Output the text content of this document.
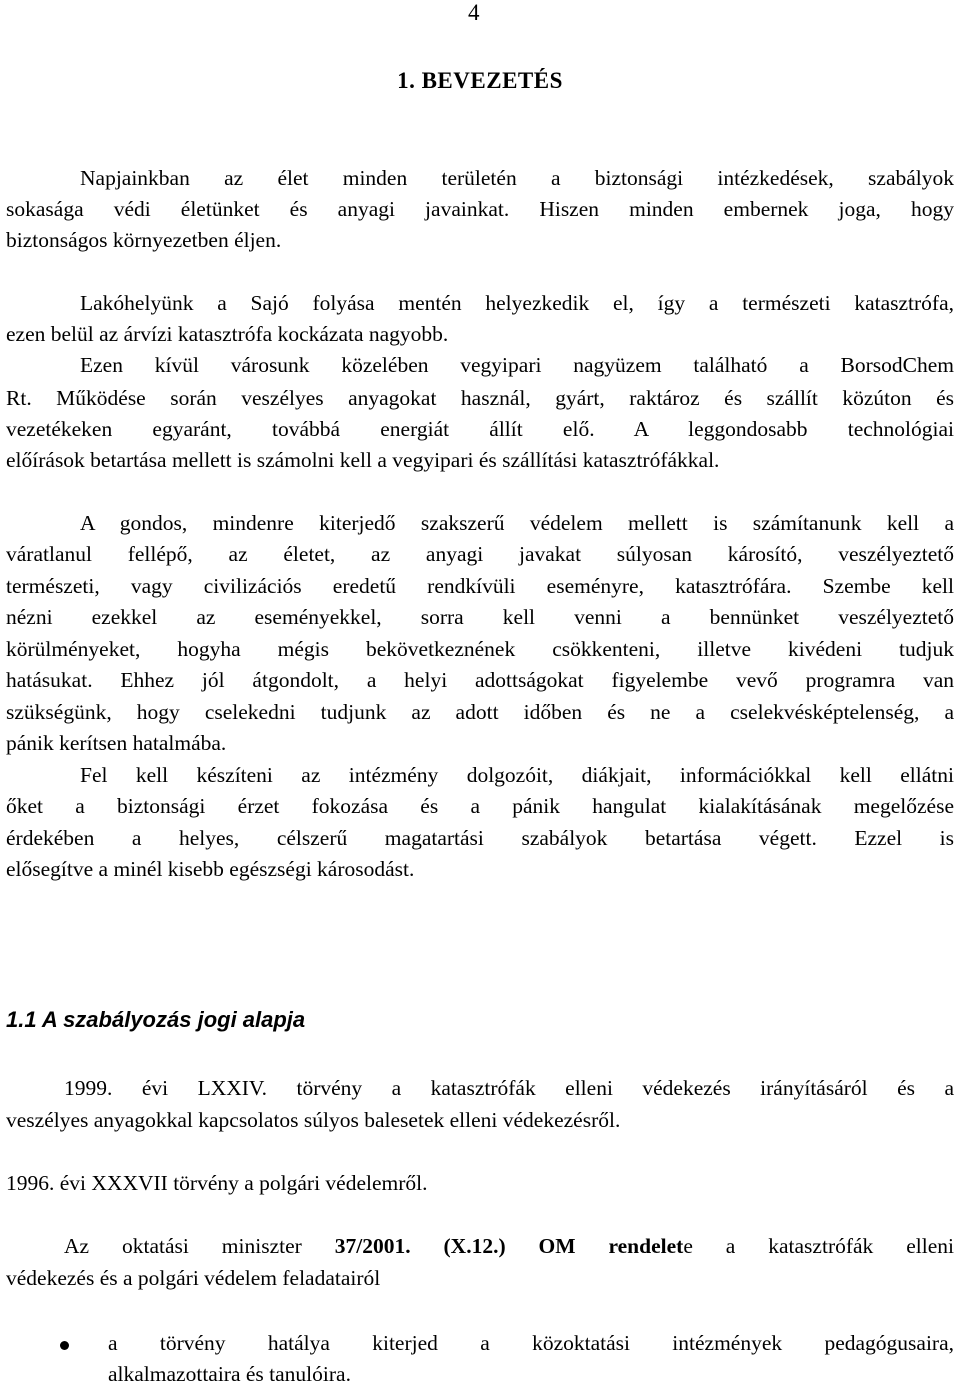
4
1. BEVEZETÉS
Napjainkban az élet minden területén a biztonsági intézkedések, szabályok
sokasága védi életünket és anyagi javainkat. Hiszen minden embernek joga, hogy
biztonságos környezetben éljen.
Lakóhelyünk a Sajó folyása mentén helyezkedik el, így a természeti katasztrófa,
ezen belül az árvízi katasztrófa kockázata nagyobb.
Ezen kívül városunk közelében vegyipari nagyüzem található a BorsodChem
Rt. Működése során veszélyes anyagokat használ, gyárt, raktároz és szállít közúton és
vezetékeken egyaránt, továbbá energiát állít elő. A leggondosabb technológiai
előírások betartása mellett is számolni kell a vegyipari és szállítási katasztrófákkal.
A gondos, mindenre kiterjedő szakszerű védelem mellett is számítanunk kell a
váratlanul fellépő, az életet, az anyagi javakat súlyosan károsító, veszélyeztető
természeti, vagy civilizációs eredetű rendkívüli eseményre, katasztrófára. Szembe kell
nézni ezekkel az eseményekkel, sorra kell venni a bennünket veszélyeztető
körülményeket, hogyha mégis bekövetkeznének csökkenteni, illetve kivédeni tudjuk
hatásukat. Ehhez jól átgondolt, a helyi adottságokat figyelembe vevő programra van
szükségünk, hogy cselekedni tudjunk az adott időben és ne a cselekvésképtelenség, a
pánik kerítsen hatalmába.
Fel kell készíteni az intézmény dolgozóit, diákjait, információkkal kell ellátni
őket a biztonsági érzet fokozása és a pánik hangulat kialakításának megelőzése
érdekében a helyes, célszerű magatartási szabályok betartása végett. Ezzel is
elősegítve a minél kisebb egészségi károsodást.
1.1 A szabályozás jogi alapja
1999. évi LXXIV. törvény a katasztrófák elleni védekezés irányításáról és a
veszélyes anyagokkal kapcsolatos súlyos balesetek elleni védekezésről.
1996. évi XXXVII törvény a polgári védelemről.
Az oktatási miniszter 37/2001. (X.12.) OM rendelete a katasztrófák elleni
védekezés és a polgári védelem feladatairól
a törvény hatálya kiterjed a közoktatási intézmények pedagógusaira,
alkalmazottaira és tanulóira.
